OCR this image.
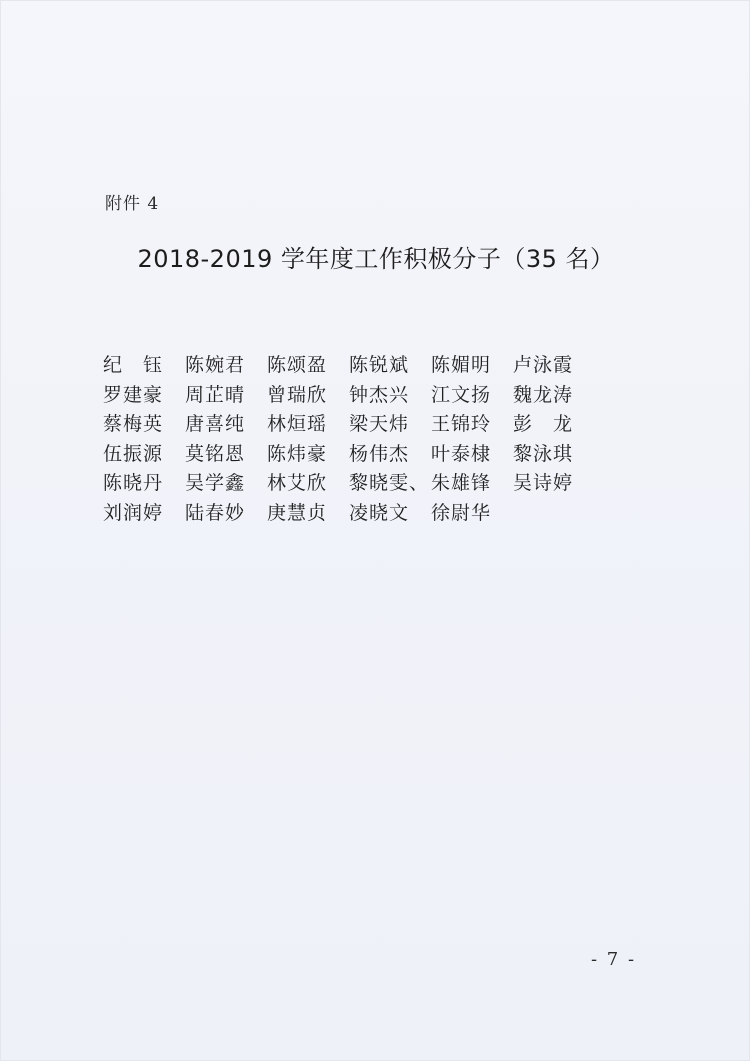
附件 4
2018-2019 学年度工作积极分子（35 名）
纪　钰 陈婉君 陈颂盈 陈锐斌 陈媚明 卢泳霞
罗建豪 周芷晴 曾瑞欣 钟杰兴 江文扬 魏龙涛
蔡梅英 唐喜纯 林烜瑶 梁天炜 王锦玲 彭　龙
伍振源 莫铭恩 陈炜豪 杨伟杰 叶泰棣 黎泳琪
陈晓丹 吴学鑫 林艾欣 黎晓雯、 朱雄锋 吴诗婷
刘润婷 陆春妙 庚慧贞 凌晓文 徐尉华
- 7 -
